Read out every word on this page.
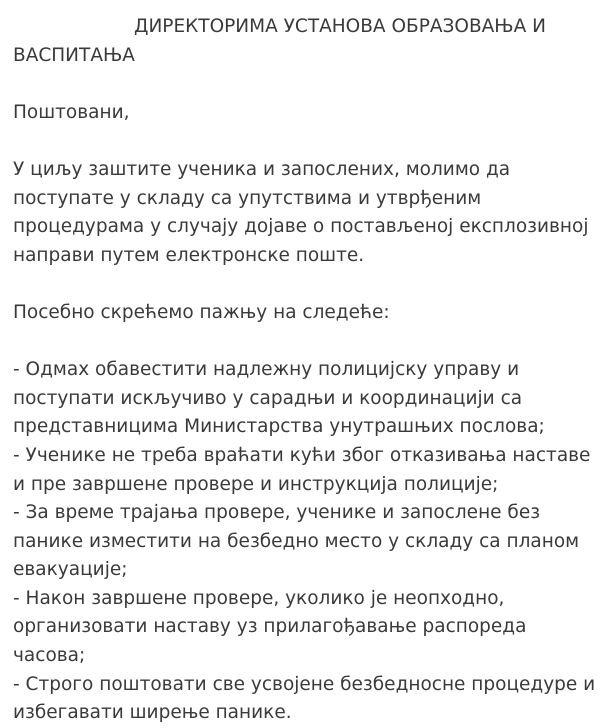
ДИРЕКТОРИМА УСТАНОВА ОБРАЗОВАЊА И ВАСПИТАЊА

Поштовани,

У циљу заштите ученика и запослених, молимо да поступате у складу са упутствима и утврђеним процедурама у случају дојаве о постављеној експлозивној направи путем електронске поште.

Посебно скрећемо пажњу на следеће:

- Одмах обавестити надлежну полицијску управу и поступати искључиво у сарадњи и координацији са представницима Министарства унутрашњих послова;
- Ученике не треба враћати кући због отказивања наставе и пре завршене провере и инструкција полиције;
- За време трајања провере, ученике и запослене без панике изместити на безбедно место у складу са планом евакуације;
- Након завршене провере, уколико је неопходно, организовати наставу уз прилагођавање распореда часова;
- Строго поштовати све усвојене безбедносне процедуре и избегавати ширење панике.
